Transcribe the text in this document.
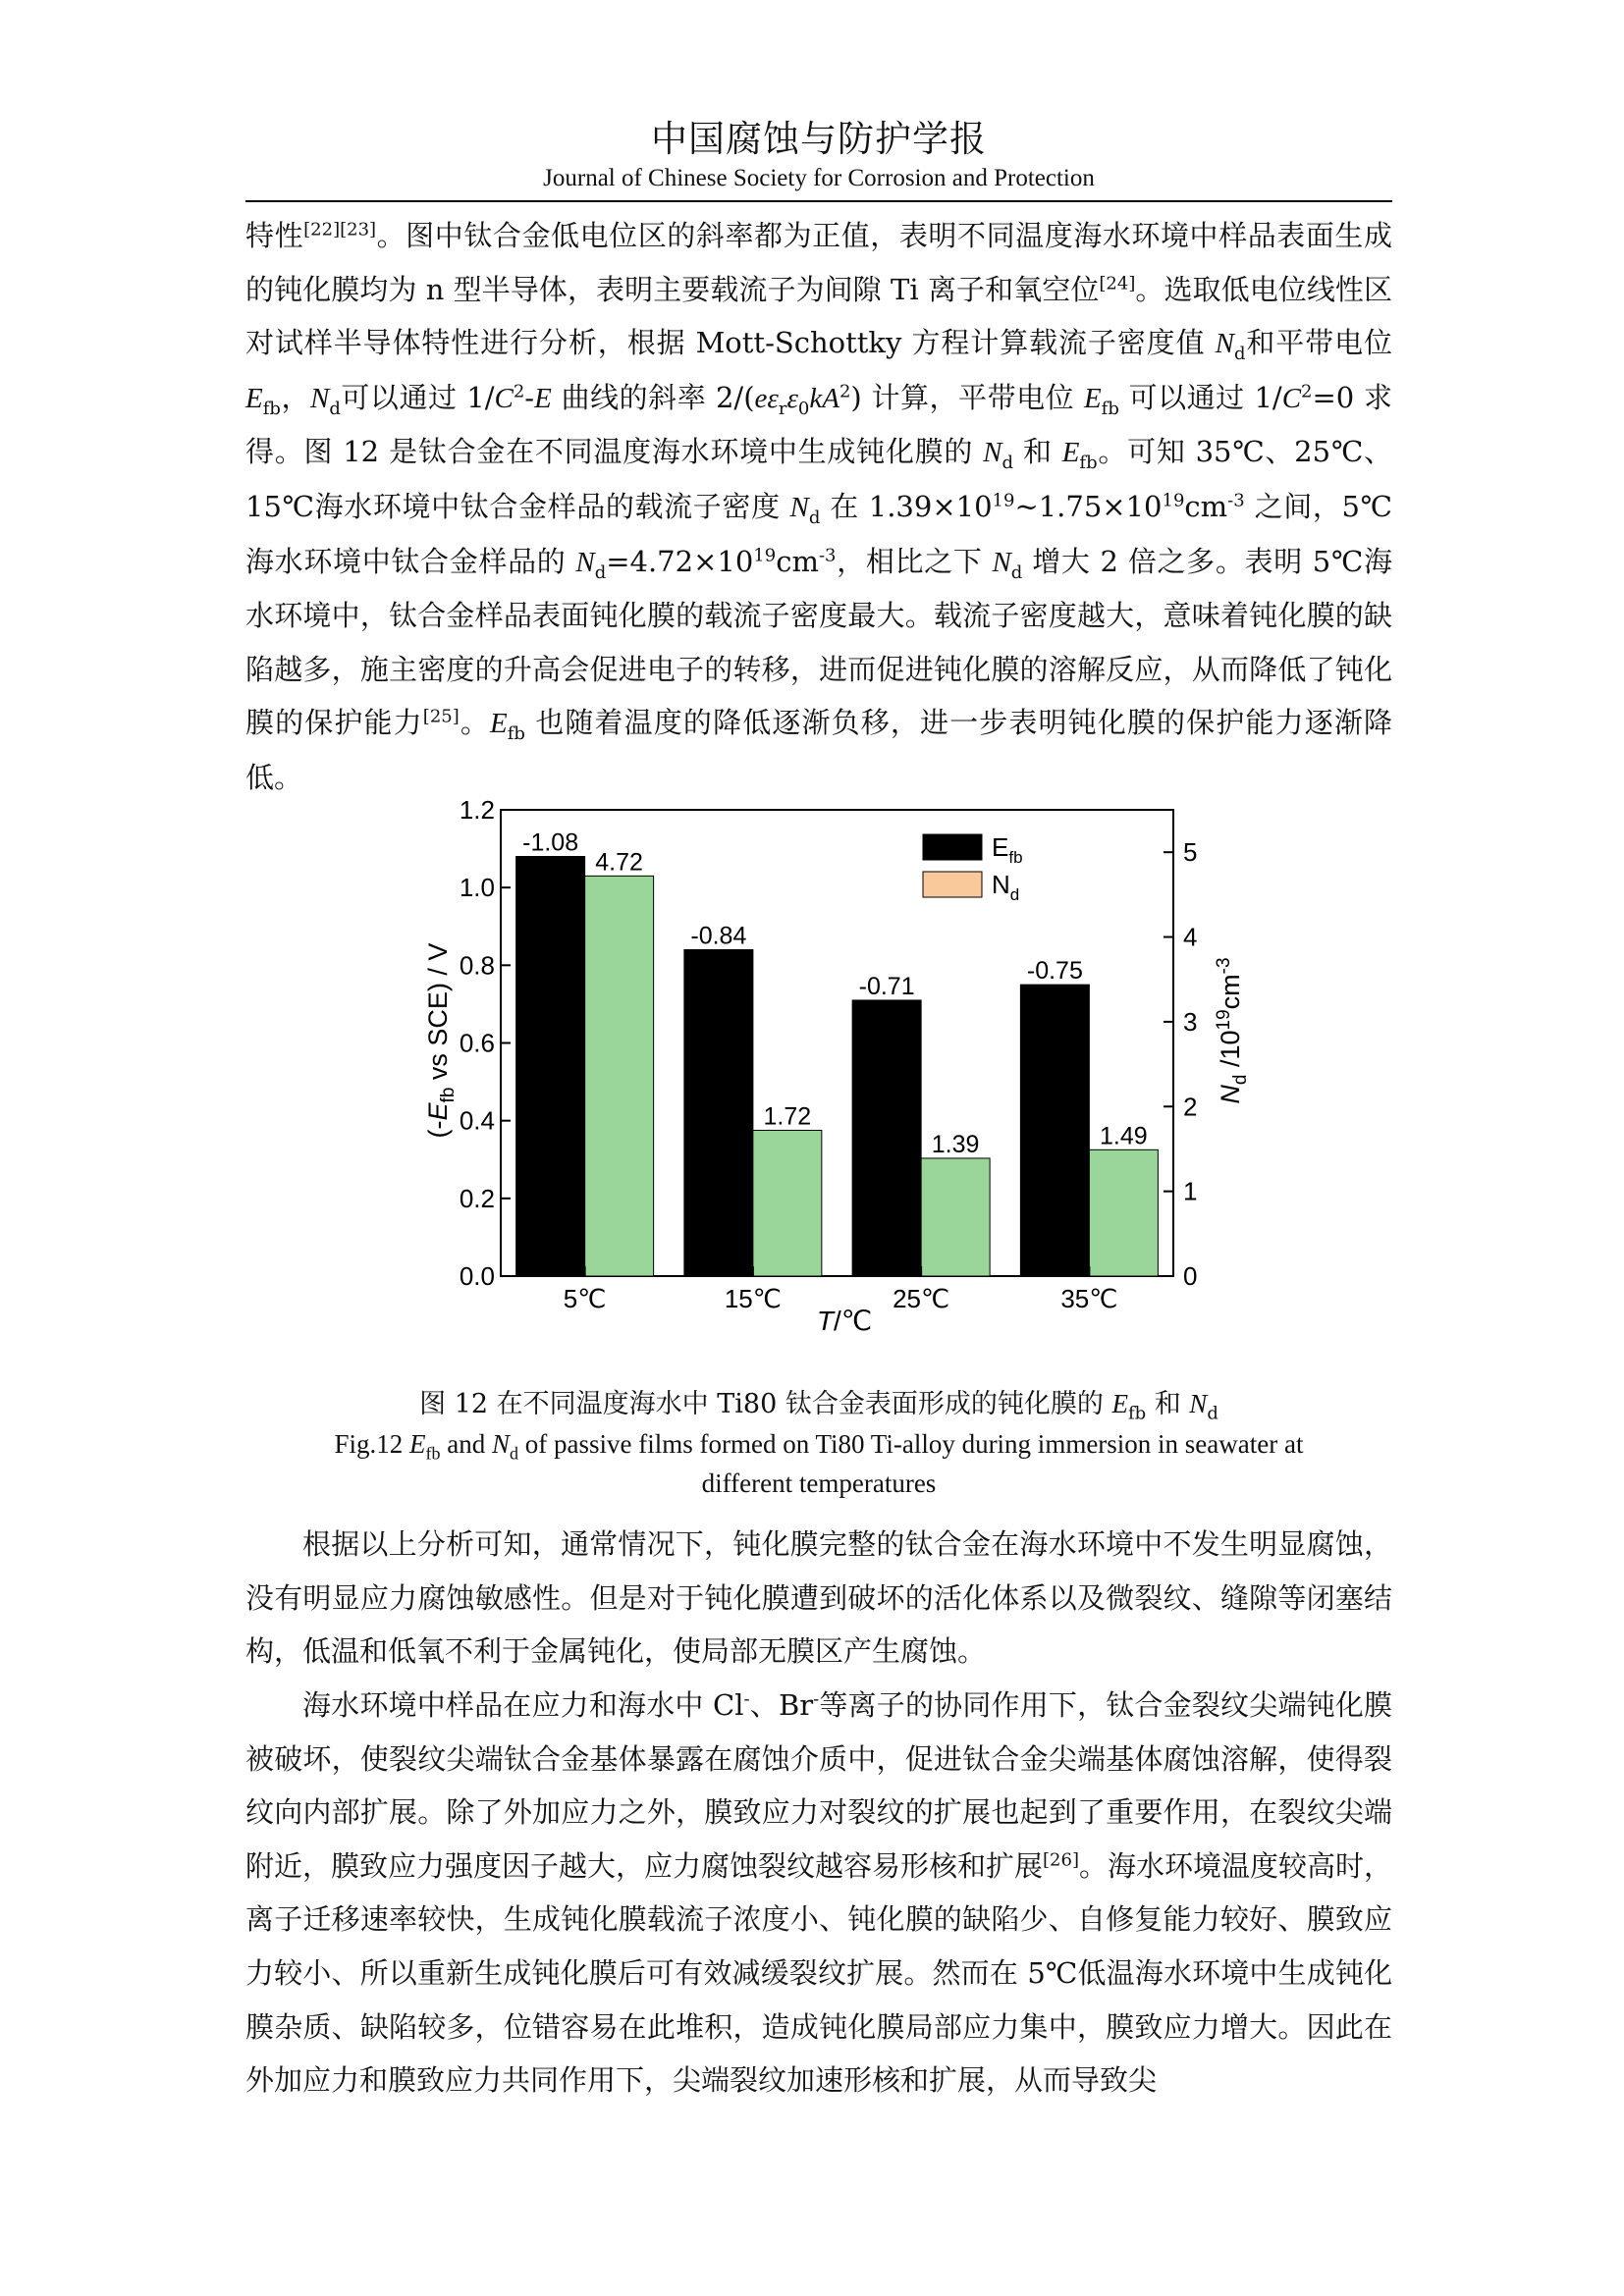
中国腐蚀与防护学报
Journal of Chinese Society for Corrosion and Protection

特性[22][23]。图中钛合金低电位区的斜率都为正值，表明不同温度海水环境中样品表面生成的钝化膜均为 n 型半导体，表明主要载流子为间隙 Ti 离子和氧空位[24]。选取低电位线性区对试样半导体特性进行分析，根据 Mott-Schottky 方程计算载流子密度值 $N_d$和平带电位 $E_{fb}$，$N_d$可以通过 $1/C^2-E$ 曲线的斜率 $2/(e\varepsilon_r\varepsilon_0kA^2)$ 计算，平带电位 $E_{fb}$ 可以通过 $1/C^2=0$ 求得。图 12 是钛合金在不同温度海水环境中生成钝化膜的 $N_d$ 和 $E_{fb}$。可知 35℃、25℃、15℃海水环境中钛合金样品的载流子密度 $N_d$ 在 $1.39\times 10^{19}\sim 1.75\times 10^{19}cm^{-3}$ 之间，5℃海水环境中钛合金样品的 $N_d=4.72\times 10^{19}cm^{-3}$，相比之下 $N_d$ 增大 2 倍之多。表明 5℃海水环境中，钛合金样品表面钝化膜的载流子密度最大。载流子密度越大，意味着钝化膜的缺陷越多，施主密度的升高会促进电子的转移，进而促进钝化膜的溶解反应，从而降低了钝化膜的保护能力[25]。$E_{fb}$ 也随着温度的降低逐渐负移，进一步表明钝化膜的保护能力逐渐降低。

-1.08
4.72
-0.84
1.72
-0.71
1.39
-0.75
1.49
0.0
0.2
0.4
0.6
0.8
1.0
1.2
0
1
2
3
4
5
5℃	15℃	25℃	35℃
$E_{fb}$
$N_d$
T/℃
($-E_{fb}$ vs SCE) / V
$N_d$ $/10^{19}cm^{-3}$
图 12 在不同温度海水中 Ti80 钛合金表面形成的钝化膜的 $E_{fb}$ 和 $N_d$
Fig.12 $E_{fb}$ and $N_d$ of passive films formed on Ti80 Ti-alloy during immersion in seawater at
different temperatures

根据以上分析可知，通常情况下，钝化膜完整的钛合金在海水环境中不发生明显腐蚀，没有明显应力腐蚀敏感性。但是对于钝化膜遭到破坏的活化体系以及微裂纹、缝隙等闭塞结构，低温和低氧不利于金属钝化，使局部无膜区产生腐蚀。

海水环境中样品在应力和海水中 Cl-、Br-等离子的协同作用下，钛合金裂纹尖端钝化膜被破坏，使裂纹尖端钛合金基体暴露在腐蚀介质中，促进钛合金尖端基体腐蚀溶解，使得裂纹向内部扩展。除了外加应力之外，膜致应力对裂纹的扩展也起到了重要作用，在裂纹尖端附近，膜致应力强度因子越大，应力腐蚀裂纹越容易形核和扩展[26]。海水环境温度较高时，离子迁移速率较快，生成钝化膜载流子浓度小、钝化膜的缺陷少、自修复能力较好、膜致应力较小、所以重新生成钝化膜后可有效减缓裂纹扩展。然而在 5℃低温海水环境中生成钝化膜杂质、缺陷较多，位错容易在此堆积，造成钝化膜局部应力集中，膜致应力增大。因此在外加应力和膜致应力共同作用下，尖端裂纹加速形核和扩展，从而导致尖
